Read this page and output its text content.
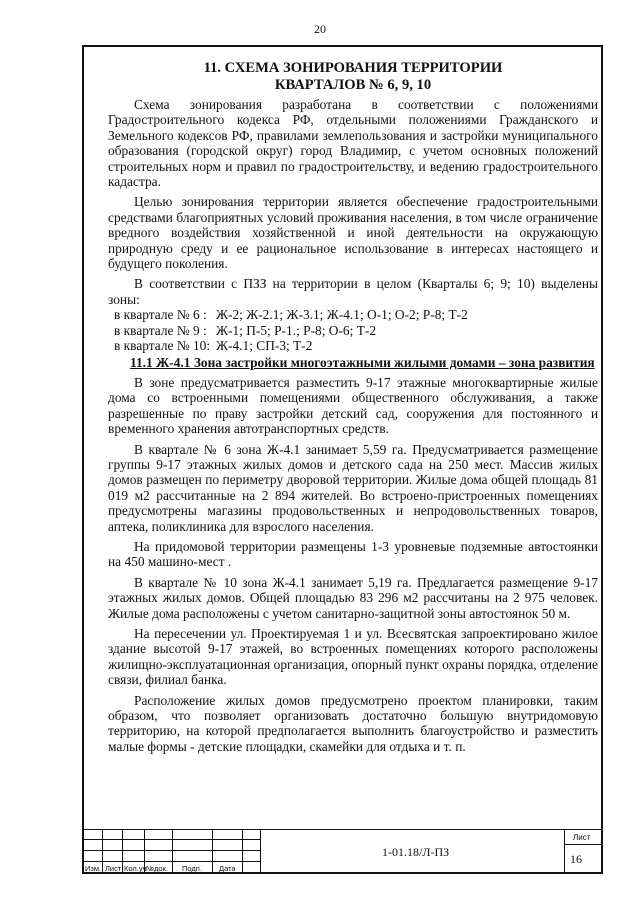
20
11. СХЕМА ЗОНИРОВАНИЯ ТЕРРИТОРИИ
КВАРТАЛОВ № 6, 9, 10

Схема зонирования разработана в соответствии с положениями Градостроительного кодекса РФ, отдельными положениями Гражданского и Земельного кодексов РФ, правилами землепользования и застройки муниципального образования (городской округ) город Владимир, с учетом основных положений строительных норм и правил по градостроительству, и ведению градостроительного кадастра.

Целью зонирования территории является обеспечение градостроительными средствами благоприятных условий проживания населения, в том числе ограничение вредного воздействия хозяйственной и иной деятельности на окружающую природную среду и ее рациональное использование в интересах настоящего и будущего поколения.

В соответствии с ПЗЗ на территории в целом (Кварталы 6; 9; 10) выделены зоны:

в квартале № 6 : Ж-2; Ж-2.1; Ж-3.1; Ж-4.1; О-1; О-2; Р-8; Т-2
в квартале № 9 : Ж-1; П-5; Р-1.; Р-8; О-6; Т-2
в квартале № 10: Ж-4.1; СП-3; Т-2

11.1 Ж-4.1 Зона застройки многоэтажными жилыми домами – зона развития

В зоне предусматривается разместить 9-17 этажные многоквартирные жилые дома со встроенными помещениями общественного обслуживания, а также разрешенные по праву застройки детский сад, сооружения для постоянного и временного хранения автотранспортных средств.

В квартале № 6 зона Ж-4.1 занимает 5,59 га. Предусматривается размещение группы 9-17 этажных жилых домов и детского сада на 250 мест. Массив жилых домов размещен по периметру дворовой территории. Жилые дома общей площадь 81 019 м2 рассчитанные на 2 894 жителей. Во встроено-пристроенных помещениях предусмотрены магазины продовольственных и непродовольственных товаров, аптека, поликлиника для взрослого населения.

На придомовой территории размещены 1-3 уровневые подземные автостоянки на 450 машино-мест .

В квартале № 10 зона Ж-4.1 занимает 5,19 га. Предлагается размещение 9-17 этажных жилых домов. Общей площадью 83 296 м2 рассчитаны на 2 975 человек. Жилые дома расположены с учетом санитарно-защитной зоны автостоянок 50 м.

На пересечении ул. Проектируемая 1 и ул. Всесвятская запроектировано жилое здание высотой 9-17 этажей, во встроенных помещениях которого расположены жилищно-эксплуатационная организация, опорный пункт охраны порядка, отделение связи, филиал банка.

Расположение жилых домов предусмотрено проектом планировки, таким образом, что позволяет организовать достаточно большую внутридомовую территорию, на которой предполагается выполнить благоустройство и разместить малые формы - детские площадки, скамейки для отдыха и т. п.

Изм. Лист Кол.уч №док. Подп. Дата
1-01.18/Л-ПЗ
Лист
16
